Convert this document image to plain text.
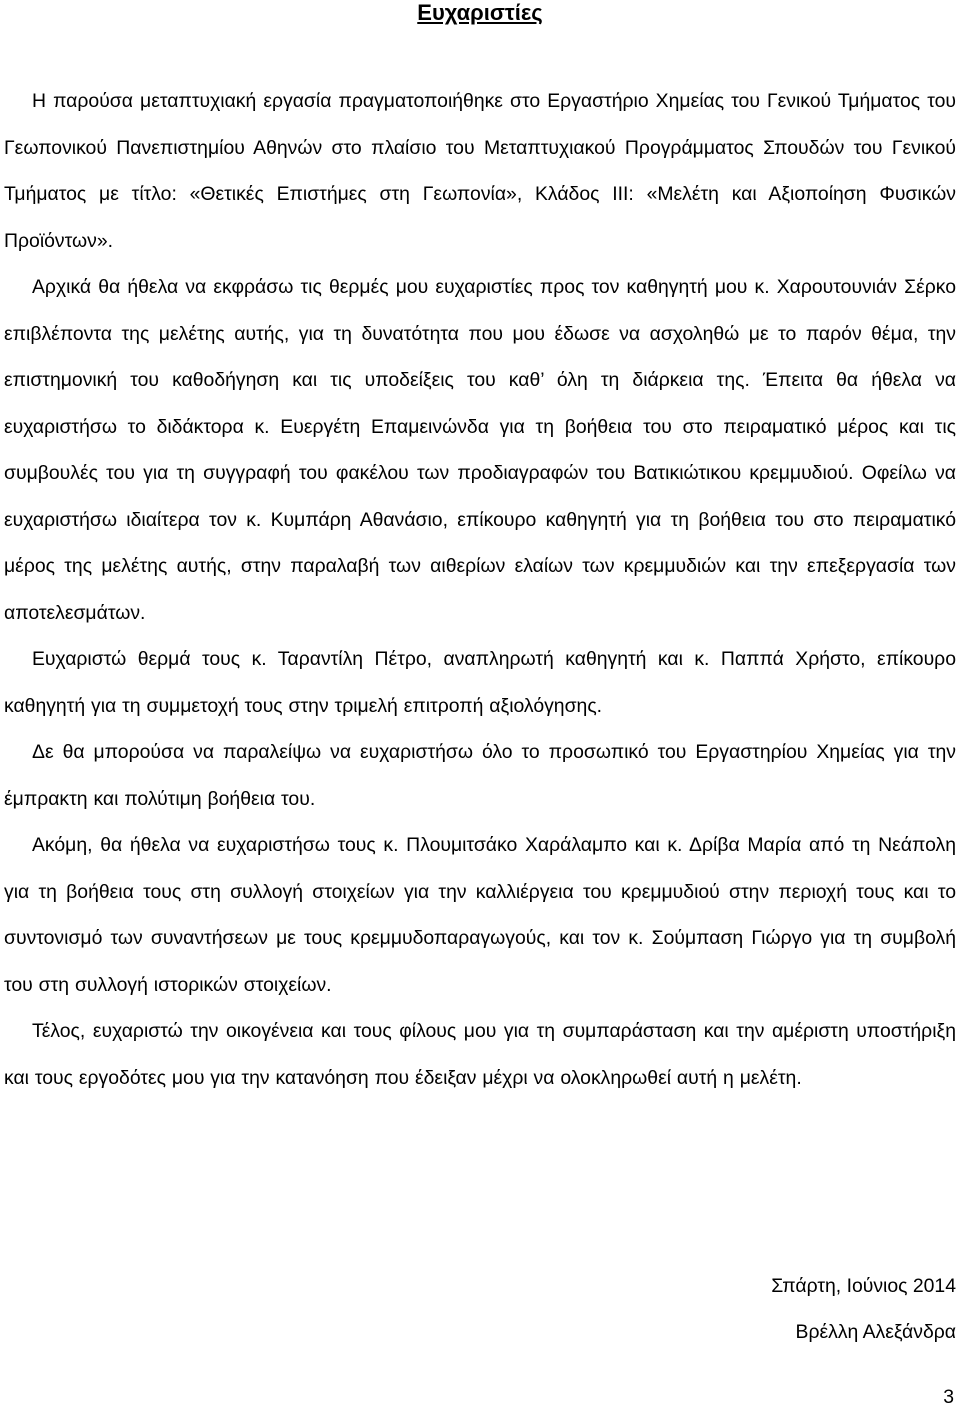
Ευχαριστίες

Η παρούσα μεταπτυχιακή εργασία πραγματοποιήθηκε στο Εργαστήριο Χημείας του Γενικού Τμήματος του Γεωπονικού Πανεπιστημίου Αθηνών στο πλαίσιο του Μεταπτυχιακού Προγράμματος Σπουδών του Γενικού Τμήματος με τίτλο: «Θετικές Επιστήμες στη Γεωπονία», Κλάδος ΙΙΙ: «Μελέτη και Αξιοποίηση Φυσικών Προϊόντων».

Αρχικά θα ήθελα να εκφράσω τις θερμές μου ευχαριστίες προς τον καθηγητή μου κ. Χαρουτουνιάν Σέρκο επιβλέποντα της μελέτης αυτής, για τη δυνατότητα που μου έδωσε να ασχοληθώ με το παρόν θέμα, την επιστημονική του καθοδήγηση και τις υποδείξεις του καθ’ όλη τη διάρκεια της. Έπειτα θα ήθελα να ευχαριστήσω το διδάκτορα κ. Ευεργέτη Επαμεινώνδα για τη βοήθεια του στο πειραματικό μέρος και τις συμβουλές του για τη συγγραφή του φακέλου των προδιαγραφών του Βατικιώτικου κρεμμυδιού. Οφείλω να ευχαριστήσω ιδιαίτερα τον κ. Κυμπάρη Αθανάσιο, επίκουρο καθηγητή για τη βοήθεια του στο πειραματικό μέρος της μελέτης αυτής, στην παραλαβή των αιθερίων ελαίων των κρεμμυδιών και την επεξεργασία των αποτελεσμάτων.

Ευχαριστώ θερμά τους κ. Ταραντίλη Πέτρο, αναπληρωτή καθηγητή και κ. Παππά Χρήστο, επίκουρο καθηγητή για τη συμμετοχή τους στην τριμελή επιτροπή αξιολόγησης.

Δε θα μπορούσα να παραλείψω να ευχαριστήσω όλο το προσωπικό του Εργαστηρίου Χημείας για την έμπρακτη και πολύτιμη βοήθεια του.

Ακόμη, θα ήθελα να ευχαριστήσω τους κ. Πλουμιτσάκο Χαράλαμπο και κ. Δρίβα Μαρία από τη Νεάπολη για τη βοήθεια τους στη συλλογή στοιχείων για την καλλιέργεια του κρεμμυδιού στην περιοχή τους και το συντονισμό των συναντήσεων με τους κρεμμυδοπαραγωγούς, και τον κ. Σούμπαση Γιώργο για τη συμβολή του στη συλλογή ιστορικών στοιχείων.

Τέλος, ευχαριστώ την οικογένεια και τους φίλους μου για τη συμπαράσταση και την αμέριστη υποστήριξη και τους εργοδότες μου για την κατανόηση που έδειξαν μέχρι να ολοκληρωθεί αυτή η μελέτη.

Σπάρτη, Ιούνιος 2014
Βρέλλη Αλεξάνδρα
3
